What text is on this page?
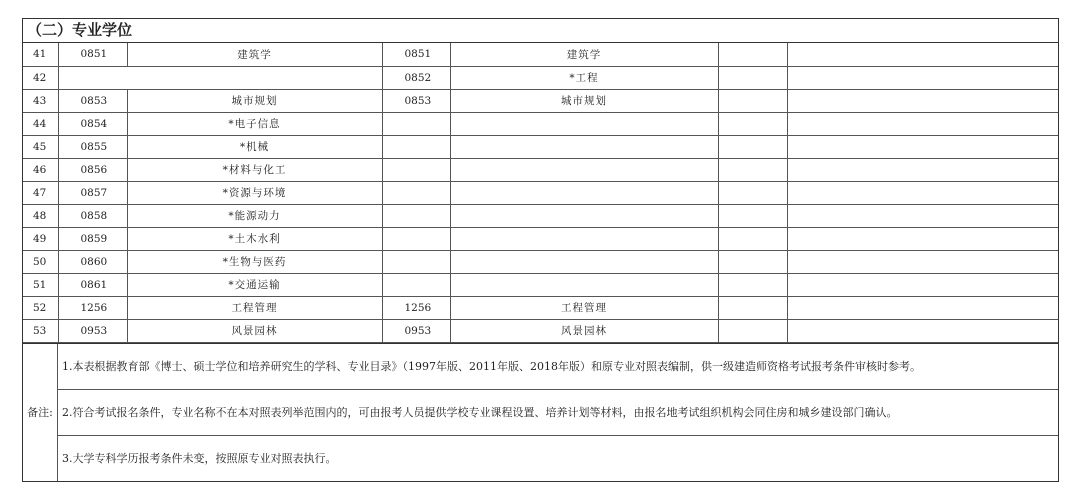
（二）专业学位
41	0851	建筑学	0851	建筑学		
42			0852	*工程		
43	0853	城市规划	0853	城市规划		
44	0854	*电子信息				
45	0855	*机械				
46	0856	*材料与化工				
47	0857	*资源与环境				
48	0858	*能源动力				
49	0859	*土木水利				
50	0860	*生物与医药				
51	0861	*交通运输				
52	1256	工程管理	1256	工程管理		
53	0953	风景园林	0953	风景园林		
备注:
1.本表根据教育部《博士、硕士学位和培养研究生的学科、专业目录》（1997年版、2011年版、2018年版）和原专业对照表编制，供一级建造师资格考试报考条件审核时参考。
2.符合考试报名条件，专业名称不在本对照表列举范围内的，可由报考人员提供学校专业课程设置、培养计划等材料，由报名地考试组织机构会同住房和城乡建设部门确认。
3.大学专科学历报考条件未变，按照原专业对照表执行。
